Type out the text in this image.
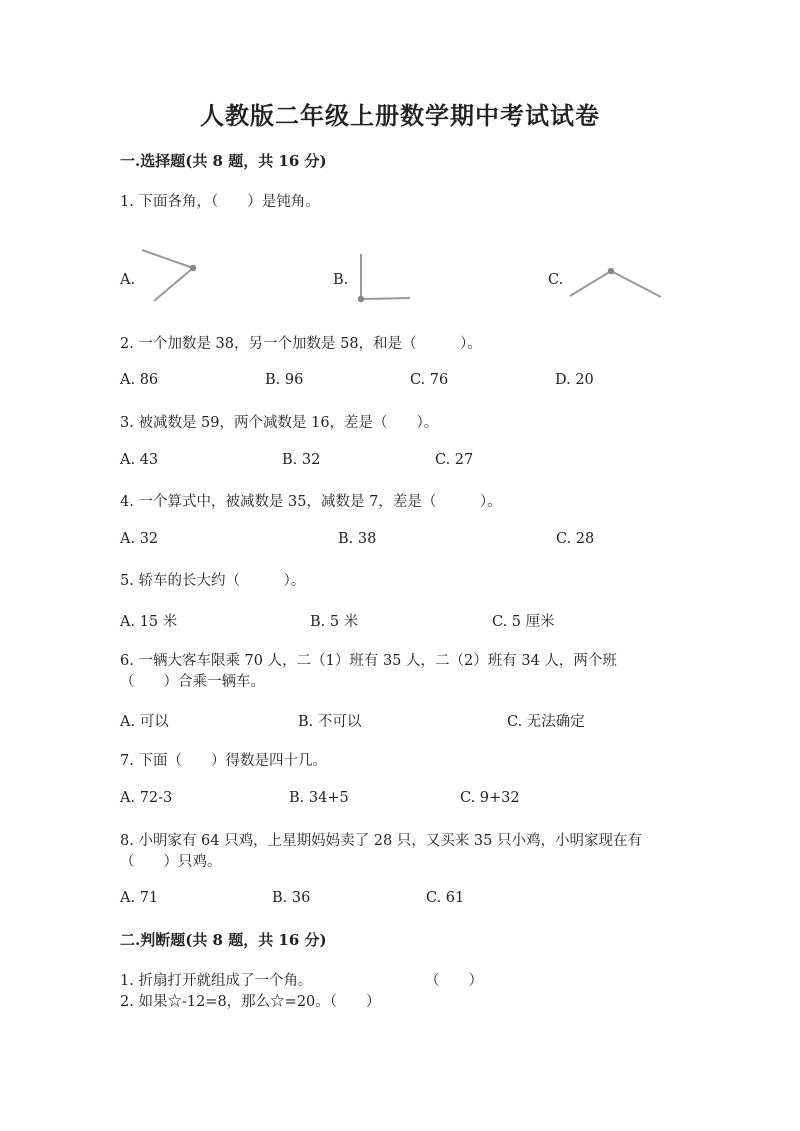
人教版二年级上册数学期中考试试卷
一.选择题(共 8 题，共 16 分)
1. 下面各角，（　　）是钝角。
A.	B.	C.
2. 一个加数是 38，另一个加数是 58，和是（　　　）。
A. 86	B. 96	C. 76	D. 20
3. 被减数是 59，两个减数是 16，差是（　　）。
A. 43	B. 32	C. 27
4. 一个算式中，被减数是 35，减数是 7，差是（　　　）。
A. 32	B. 38	C. 28
5. 轿车的长大约（　　　）。
A. 15 米	B. 5 米	C. 5 厘米
6. 一辆大客车限乘 70 人，二（1）班有 35 人，二（2）班有 34 人，两个班
（　　）合乘一辆车。
A. 可以	B. 不可以	C. 无法确定
7. 下面（　　）得数是四十几。
A. 72-3	B. 34+5	C. 9+32
8. 小明家有 64 只鸡，上星期妈妈卖了 28 只，又买来 35 只小鸡，小明家现在有
（　　）只鸡。
A. 71	B. 36	C. 61
二.判断题(共 8 题，共 16 分)
1. 折扇打开就组成了一个角。	（　　）
2. 如果☆-12=8，那么☆=20。（　　）
